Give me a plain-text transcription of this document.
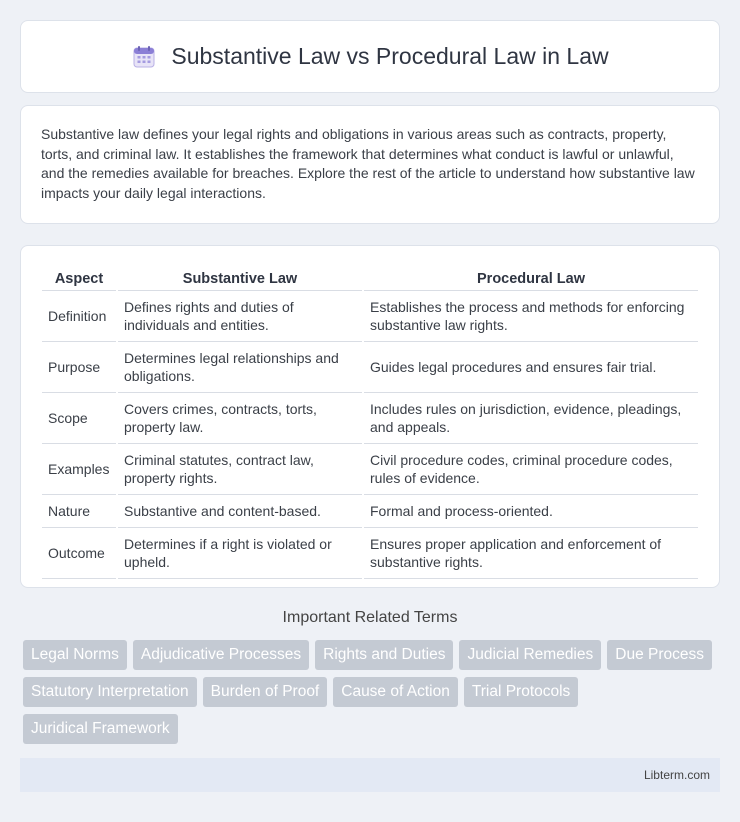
Substantive Law vs Procedural Law in Law

Substantive law defines your legal rights and obligations in various areas such as contracts, property, torts, and criminal law. It establishes the framework that determines what conduct is lawful or unlawful, and the remedies available for breaches. Explore the rest of the article to understand how substantive law impacts your daily legal interactions.

Aspect	Substantive Law	Procedural Law
Definition	Defines rights and duties of individuals and entities.	Establishes the process and methods for enforcing substantive law rights.
Purpose	Determines legal relationships and obligations.	Guides legal procedures and ensures fair trial.
Scope	Covers crimes, contracts, torts, property law.	Includes rules on jurisdiction, evidence, pleadings, and appeals.
Examples	Criminal statutes, contract law, property rights.	Civil procedure codes, criminal procedure codes, rules of evidence.
Nature	Substantive and content-based.	Formal and process-oriented.
Outcome	Determines if a right is violated or upheld.	Ensures proper application and enforcement of substantive rights.
Important Related Terms
Legal Norms	Adjudicative Processes	Rights and Duties	Judicial Remedies	Due Process
Statutory Interpretation	Burden of Proof	Cause of Action	Trial Protocols
Juridical Framework
Libterm.com
